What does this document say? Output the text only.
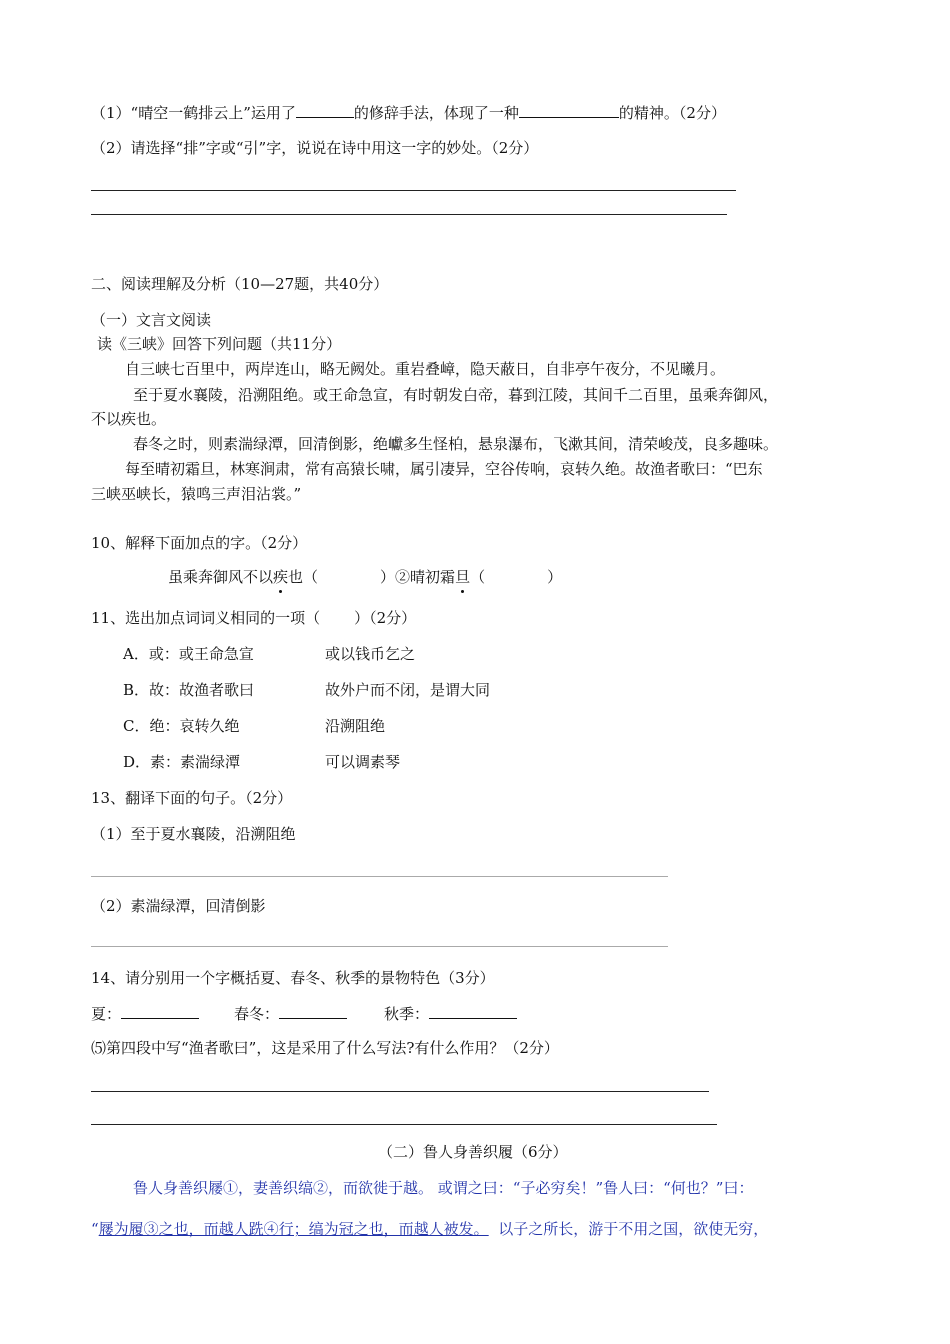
（1）“晴空一鹤排云上”运用了	的修辞手法，体现了一种	的精神。（2分）
（2）请选择“排”字或“引”字，说说在诗中用这一字的妙处。（2分）
二、阅读理解及分析（10—27题，共40分）
（一）文言文阅读
读《三峡》回答下列问题（共11分）
自三峡七百里中，两岸连山，略无阙处。重岩叠嶂，隐天蔽日，自非亭午夜分，不见曦月。
至于夏水襄陵，沿溯阻绝。或王命急宣，有时朝发白帝，暮到江陵，其间千二百里，虽乘奔御风，
不以疾也。
春冬之时，则素湍绿潭，回清倒影，绝巘多生怪柏，悬泉瀑布，飞漱其间，清荣峻茂，良多趣味。
每至晴初霜旦，林寒涧肃，常有高猿长啸，属引凄异，空谷传响，哀转久绝。故渔者歌曰：“巴东
三峡巫峡长，猿鸣三声泪沾裳。”
10、解释下面加点的字。（2分）
虽乘奔御风不以疾也（	）②晴初霜旦（	）
11、选出加点词词义相同的一项（ ）（2分）
A．或：或王命急宣	或以钱币乞之
B．故：故渔者歌曰	故外户而不闭，是谓大同
C．绝：哀转久绝	沿溯阻绝
D．素：素湍绿潭	可以调素琴
13、翻译下面的句子。（2分）
（1）至于夏水襄陵，沿溯阻绝
（2）素湍绿潭，回清倒影
14、请分别用一个字概括夏、春冬、秋季的景物特色（3分）
夏：	春冬：	秋季：
⑸第四段中写“渔者歌曰”，这是采用了什么写法?有什么作用？（2分）
（二）鲁人身善织履（6分）
鲁人身善织屦①，妻善织缟②，而欲徙于越。 或谓之曰：“子必穷矣！”鲁人曰：“何也？”曰：
“屦为履③之也，而越人跣④行；缟为冠之也，而越人被发。  以子之所长，游于不用之国，欲使无穷，
